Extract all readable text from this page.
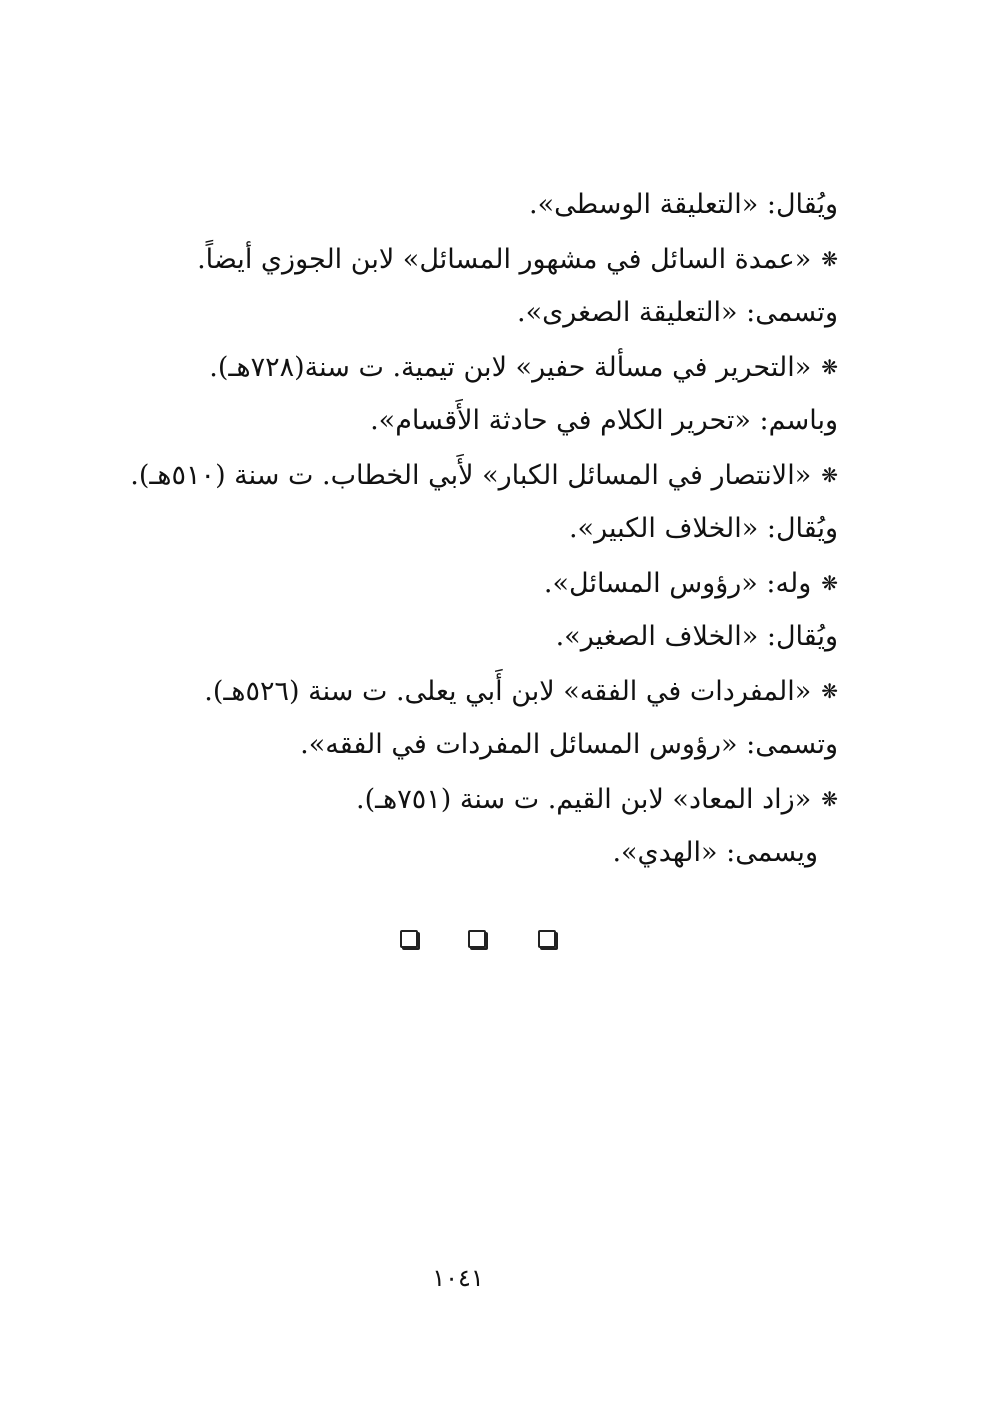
ويُقال: «التعليقة الوسطى».
❋«عمدة السائل في مشهور المسائل» لابن الجوزي أيضاً.
وتسمى: «التعليقة الصغرى».
❋«التحرير في مسألة حفير» لابن تيمية. ت سنة(٧٢٨هـ).
وباسم: «تحرير الكلام في حادثة الأَقسام».
❋«الانتصار في المسائل الكبار» لأَبي الخطاب. ت سنة (٥١٠هـ).
ويُقال: «الخلاف الكبير».
❋وله: «رؤوس المسائل».
ويُقال: «الخلاف الصغير».
❋«المفردات في الفقه» لابن أَبي يعلى. ت سنة (٥٢٦هـ).
وتسمى: «رؤوس المسائل المفردات في الفقه».
❋«زاد المعاد» لابن القيم. ت سنة (٧٥١هـ).
ويسمى: «الهدي».
١٠٤١
